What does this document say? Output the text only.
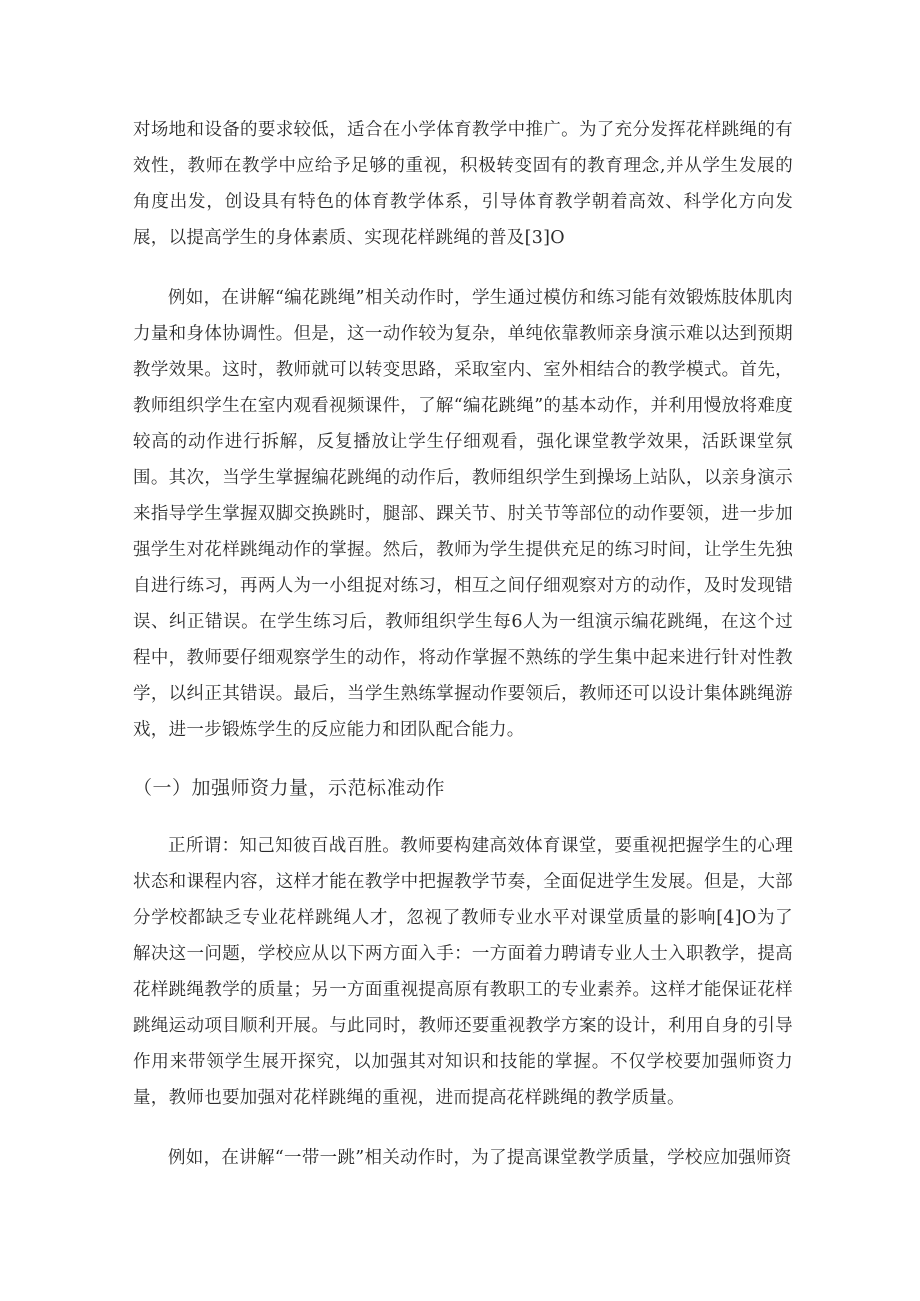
对场地和设备的要求较低，适合在小学体育教学中推广。为了充分发挥花样跳绳的有效性，教师在教学中应给予足够的重视，积极转变固有的教育理念,并从学生发展的角度出发，创设具有特色的体育教学体系，引导体育教学朝着高效、科学化方向发展，以提高学生的身体素质、实现花样跳绳的普及[3]O

例如，在讲解“编花跳绳”相关动作时，学生通过模仿和练习能有效锻炼肢体肌肉力量和身体协调性。但是，这一动作较为复杂，单纯依靠教师亲身演示难以达到预期教学效果。这时，教师就可以转变思路，采取室内、室外相结合的教学模式。首先，教师组织学生在室内观看视频课件，了解“编花跳绳”的基本动作，并利用慢放将难度较高的动作进行拆解，反复播放让学生仔细观看，强化课堂教学效果，活跃课堂氛围。其次，当学生掌握编花跳绳的动作后，教师组织学生到操场上站队，以亲身演示来指导学生掌握双脚交换跳时，腿部、踝关节、肘关节等部位的动作要领，进一步加强学生对花样跳绳动作的掌握。然后，教师为学生提供充足的练习时间，让学生先独自进行练习，再两人为一小组捉对练习，相互之间仔细观察对方的动作，及时发现错误、纠正错误。在学生练习后，教师组织学生每6人为一组演示编花跳绳，在这个过程中，教师要仔细观察学生的动作，将动作掌握不熟练的学生集中起来进行针对性教学，以纠正其错误。最后，当学生熟练掌握动作要领后，教师还可以设计集体跳绳游戏，进一步锻炼学生的反应能力和团队配合能力。

（一）加强师资力量，示范标准动作

正所谓：知己知彼百战百胜。教师要构建高效体育课堂，要重视把握学生的心理状态和课程内容，这样才能在教学中把握教学节奏，全面促进学生发展。但是，大部分学校都缺乏专业花样跳绳人才，忽视了教师专业水平对课堂质量的影响[4]O为了解决这一问题，学校应从以下两方面入手：一方面着力聘请专业人士入职教学，提高花样跳绳教学的质量；另一方面重视提高原有教职工的专业素养。这样才能保证花样跳绳运动项目顺利开展。与此同时，教师还要重视教学方案的设计，利用自身的引导作用来带领学生展开探究，以加强其对知识和技能的掌握。不仅学校要加强师资力量，教师也要加强对花样跳绳的重视，进而提高花样跳绳的教学质量。

例如，在讲解“一带一跳”相关动作时，为了提高课堂教学质量，学校应加强师资
